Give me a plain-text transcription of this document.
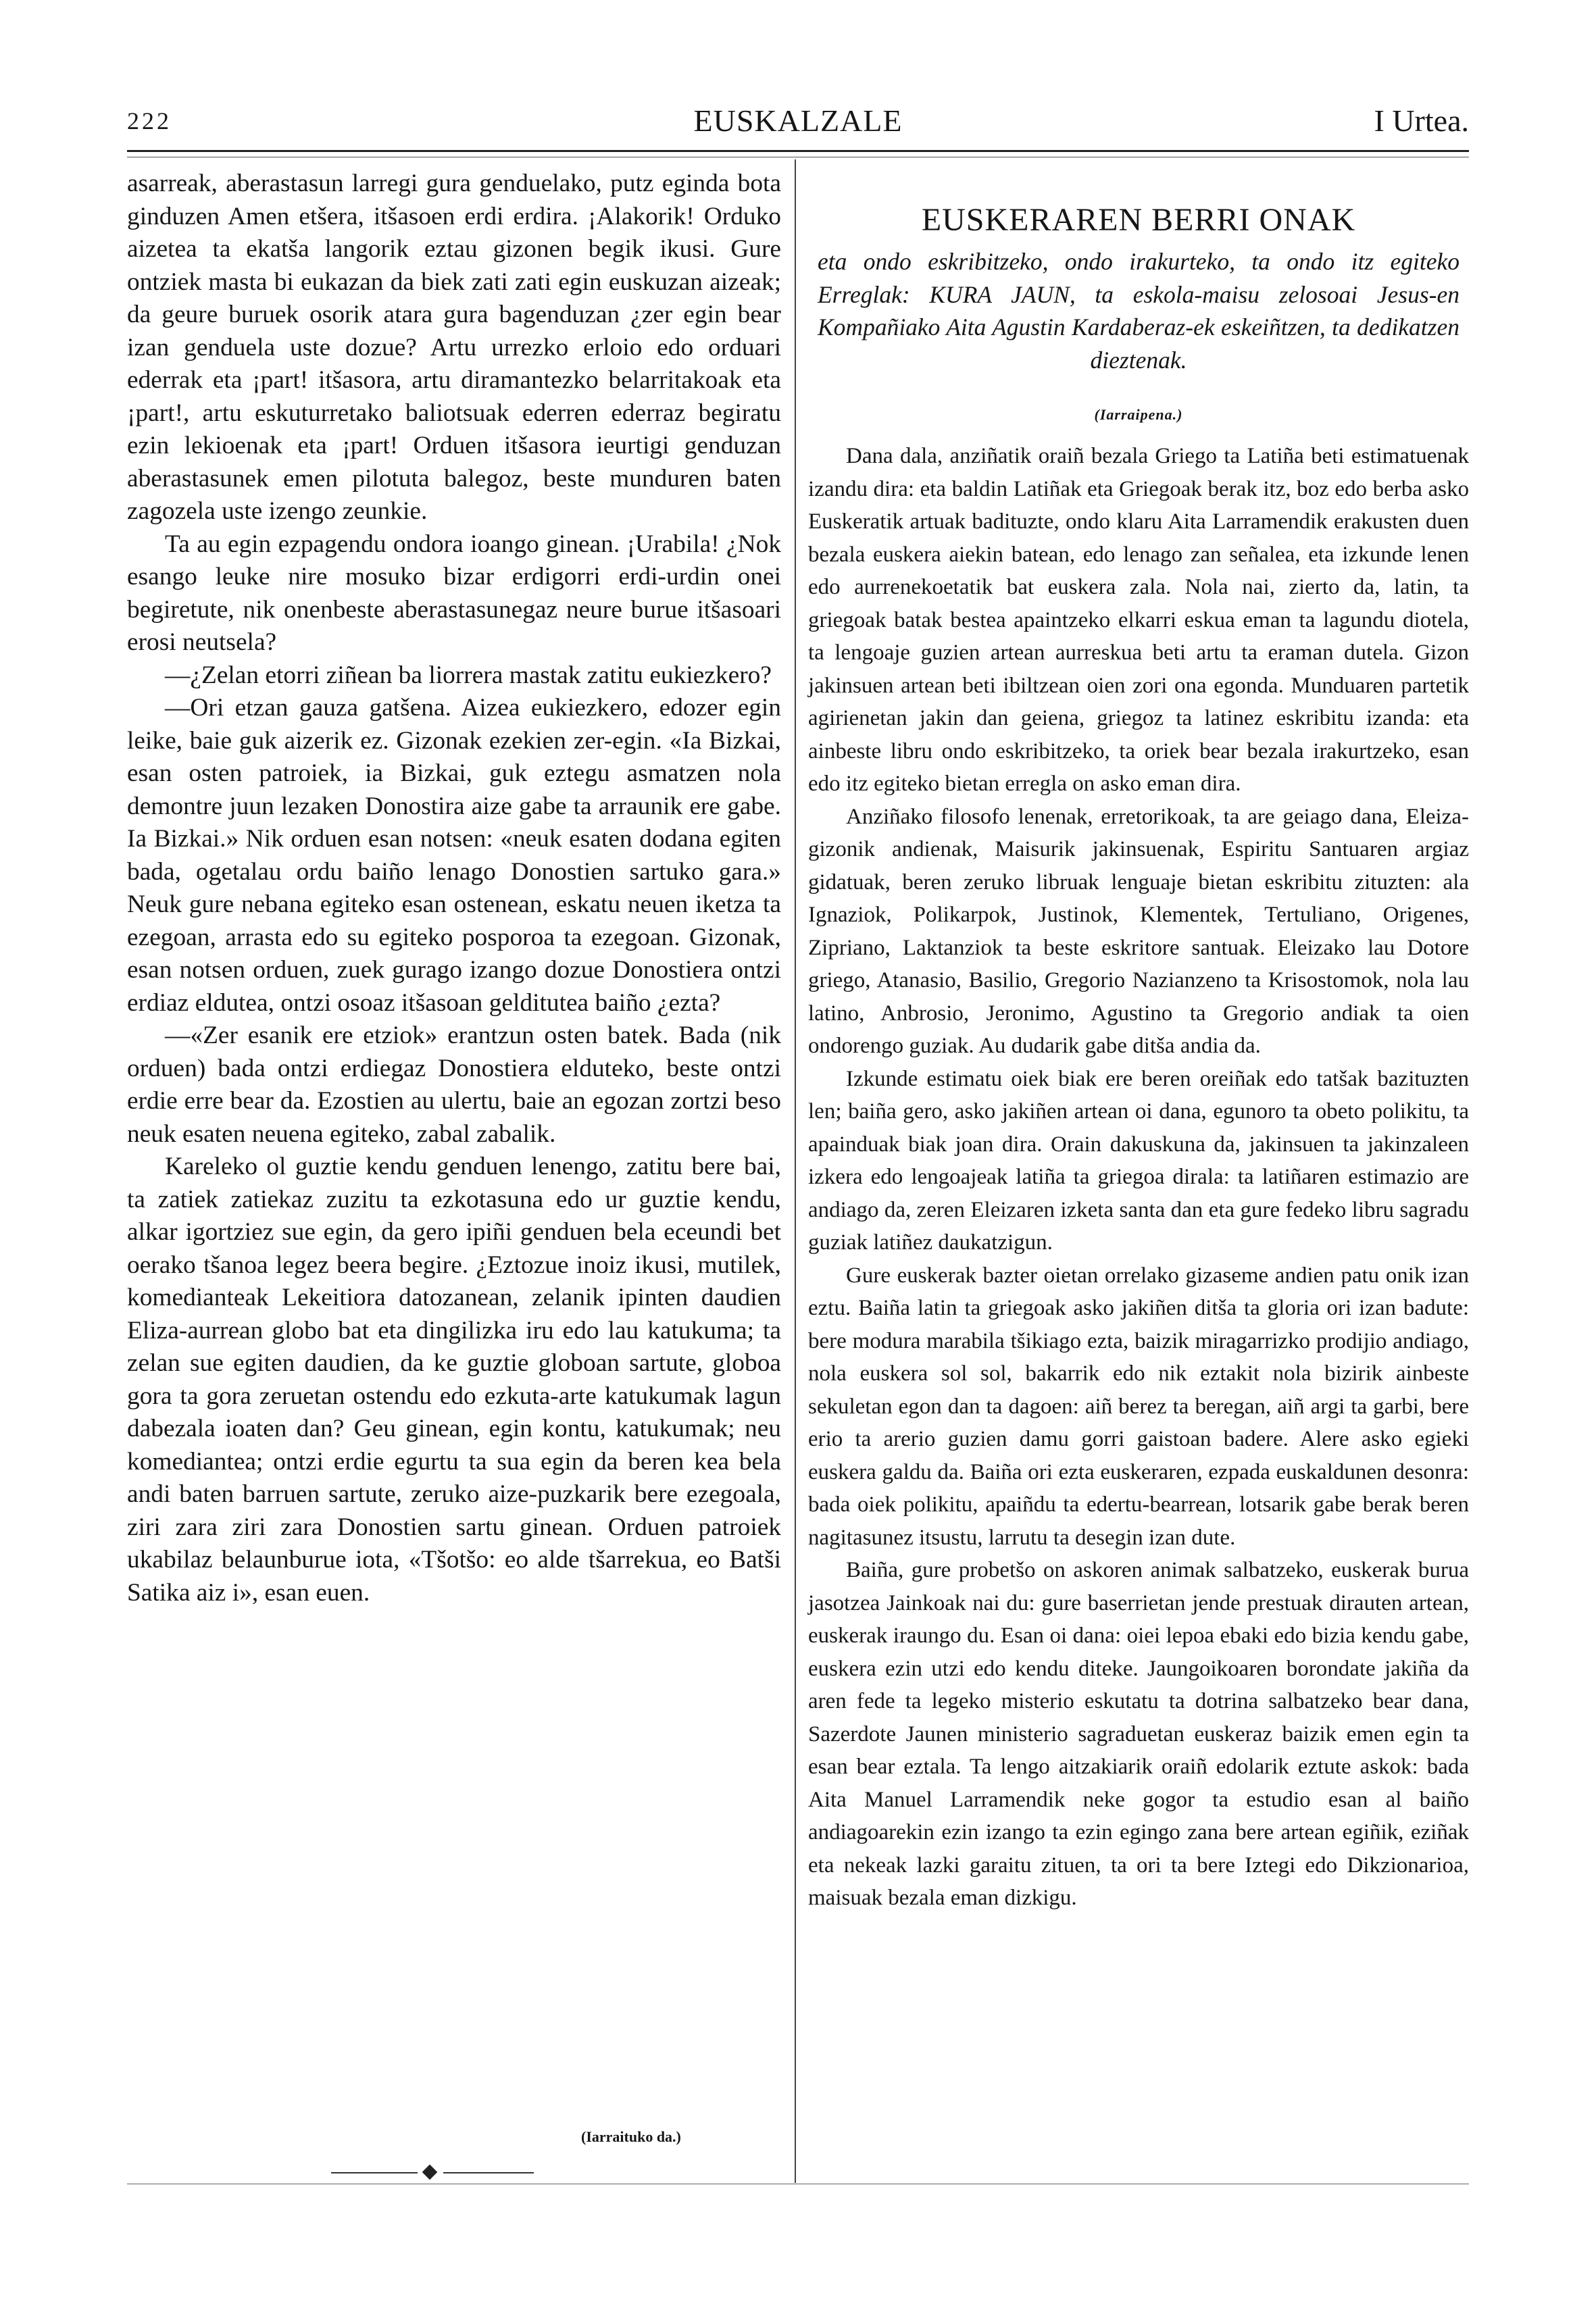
222	EUSKALZALE	I Urtea.

asarreak, aberastasun larregi gura genduelako, putz eginda bota ginduzen Amen etšera, itšasoen erdi erdira. ¡Alakorik! Orduko aizetea ta ekatša langorik eztau gizonen begik ikusi. Gure ontziek masta bi eukazan da biek zati zati egin euskuzan aizeak; da geure buruek osorik atara gura bagenduzan ¿zer egin bear izan genduela uste dozue? Artu urrezko erloio edo orduari ederrak eta ¡part! itšasora, artu diramantezko belarritakoak eta ¡part!, artu eskuturretako baliotsuak ederren ederraz begiratu ezin lekioenak eta ¡part! Orduen itšasora ieurtigi genduzan aberastasunek emen pilotuta balegoz, beste munduren baten zagozela uste izengo zeunkie.

Ta au egin ezpagendu ondora ioango ginean. ¡Urabila! ¿Nok esango leuke nire mosuko bizar erdigorri erdi-urdin onei begiretute, nik onenbeste aberastasunegaz neure burue itšasoari erosi neutsela?

—¿Zelan etorri ziñean ba liorrera mastak zatitu eukiezkero?

—Ori etzan gauza gatšena. Aizea eukiezkero, edozer egin leike, baie guk aizerik ez. Gizonak ezekien zer-egin. «Ia Bizkai, esan osten patroiek, ia Bizkai, guk eztegu asmatzen nola demontre juun lezaken Donostira aize gabe ta arraunik ere gabe. Ia Bizkai.» Nik orduen esan notsen: «neuk esaten dodana egiten bada, ogetalau ordu baiño lenago Donostien sartuko gara.» Neuk gure nebana egiteko esan ostenean, eskatu neuen iketza ta ezegoan, arrasta edo su egiteko posporoa ta ezegoan. Gizonak, esan notsen orduen, zuek gurago izango dozue Donostiera ontzi erdiaz eldutea, ontzi osoaz itšasoan geldituteа baiño ¿ezta?

—«Zer esanik ere etziok» erantzun osten batek. Bada (nik orduen) bada ontzi erdiegaz Donostiera elduteko, beste ontzi erdie erre bear da. Ezostien au ulertu, baie an egozan zortzi beso neuk esaten neuena egiteko, zabal zabalik.

Kareleko ol guztie kendu genduen lenengo, zatitu bere bai, ta zatiek zatiekaz zuzitu ta ezkotasuna edo ur guztie kendu, alkar igortziez sue egin, da gero ipiñi genduen bela eceundi bet oerako tšanoa legez beera begire. ¿Eztozue inoiz ikusi, mutilek, komedianteak Lekeitiora datozanean, zelanik ipinten daudien Eliza-aurrean globo bat eta dingilizka iru edo lau katukuma; ta zelan sue egiten daudien, da ke guztie globoan sartute, globoa gora ta gora zeruetan ostendu edo ezkuta-arte katukumak lagun dabezala ioaten dan? Geu ginean, egin kontu, katukumak; neu komediantea; ontzi erdie egurtu ta sua egin da beren kea bela andi baten barruen sartute, zeruko aize-puzkarik bere ezegoala, ziri zara ziri zara Donostien sartu ginean. Orduen patroiek ukabilaz belaunburue iota, «Tšotšo: eo alde tšarrekua, eo Batši Satika aiz i», esan euen.

(Iarraituko da.)
EUSKERAREN BERRI ONAK
eta ondo eskribitzeko, ondo irakurteko, ta ondo itz egiteko Erreglak: KURA JAUN, ta eskola-maisu zelosoai Jesus-en Kompañiako Aita Agustin Kardaberaz-ek eskeiñtzen, ta dedikatzen dieztenak.
(Iarraipena.)

Dana dala, anziñatik oraiñ bezala Griego ta Latiña beti estimatuenak izandu dira: eta baldin Latiñak eta Griegoak berak itz, boz edo berba asko Euskeratik artuak badituzte, ondo klaru Aita Larramendik erakusten duen bezala euskera aiekin batean, edo lenago zan señalea, eta izkunde lenen edo aurrenekoetatik bat euskera zala. Nola nai, zierto da, latin, ta griegoak batak bestea apaintzeko elkarri eskua eman ta lagundu diotela, ta lengoaje guzien artean aurreskua beti artu ta eraman dutela. Gizon jakinsuen artean beti ibiltzean oien zori ona egonda. Munduaren partetik agirienetan jakin dan geiena, griegoz ta latinez eskribitu izanda: eta ainbeste libru ondo eskribitzeko, ta oriek bear bezala irakurtzeko, esan edo itz egiteko bietan erregla on asko eman dira.

Anziñako filosofo lenenak, erretorikoak, ta are geiago dana, Eleiza-gizonik andienak, Maisurik jakinsuenak, Espiritu Santuaren argiaz gidatuak, beren zeruko libruak lenguaje bietan eskribitu zituzten: ala Ignaziok, Polikarpok, Justinok, Klementek, Tertuliano, Origenes, Zipriano, Laktanziok ta beste eskritore santuak. Eleizako lau Dotore griego, Atanasio, Basilio, Gregorio Nazianzeno ta Krisostomok, nola lau latino, Anbrosio, Jeronimo, Agustino ta Gregorio andiak ta oien ondorengo guziak. Au dudarik gabe ditša andia da.

Izkunde estimatu oiek biak ere beren oreiñak edo tatšak bazituzten len; baiña gero, asko jakiñen artean oi dana, egunoro ta obeto polikitu, ta apainduak biak joan dira. Orain dakuskuna da, jakinsuen ta jakinzaleen izkera edo lengoajeak latiña ta griegoa dirala: ta latiñaren estimazio are andiago da, zeren Eleizaren izketa santa dan eta gure fedeko libru sagradu guziak latiñez daukatzigun.

Gure euskerak bazter oietan orrelako gizaseme andien patu onik izan eztu. Baiña latin ta griegoak asko jakiñen ditša ta gloria ori izan badute: bere modura marabila tšikiago ezta, baizik miragarrizko prodijio andiago, nola euskera sol sol, bakarrik edo nik eztakit nola bizirik ainbeste sekuletan egon dan ta dagoen: aiñ berez ta beregan, aiñ argi ta garbi, bere erio ta arerio guzien damu gorri gaistoan badere. Alere asko egieki euskera galdu da. Baiña ori ezta euskeraren, ezpada euskaldunen desonra: bada oiek polikitu, apaiñdu ta edertu-bearrean, lotsarik gabe berak beren nagitasunez itsustu, larrutu ta desegin izan dute.

Baiña, gure probetšo on askoren animak salbatzeko, euskerak burua jasotzea Jainkoak nai du: gure baserrietan jende prestuak dirauten artean, euskerak iraungo du. Esan oi dana: oiei lepoa ebaki edo bizia kendu gabe, euskera ezin utzi edo kendu diteke. Jaungoikoaren borondate jakiña da aren fede ta legeko misterio eskutatu ta dotrina salbatzeko bear dana, Sazerdote Jaunen ministerio sagraduetan euskeraz baizik emen egin ta esan bear eztala. Ta lengo aitzakiarik oraiñ edolarik eztute askok: bada Aita Manuel Larramendik neke gogor ta estudio esan al baiño andiagoarekin ezin izango ta ezin egingo zana bere artean egiñik, eziñak eta nekeak lazki garaitu zituen, ta ori ta bere Iztegi edo Dikzionarioa, maisuak bezala eman dizkigu.
